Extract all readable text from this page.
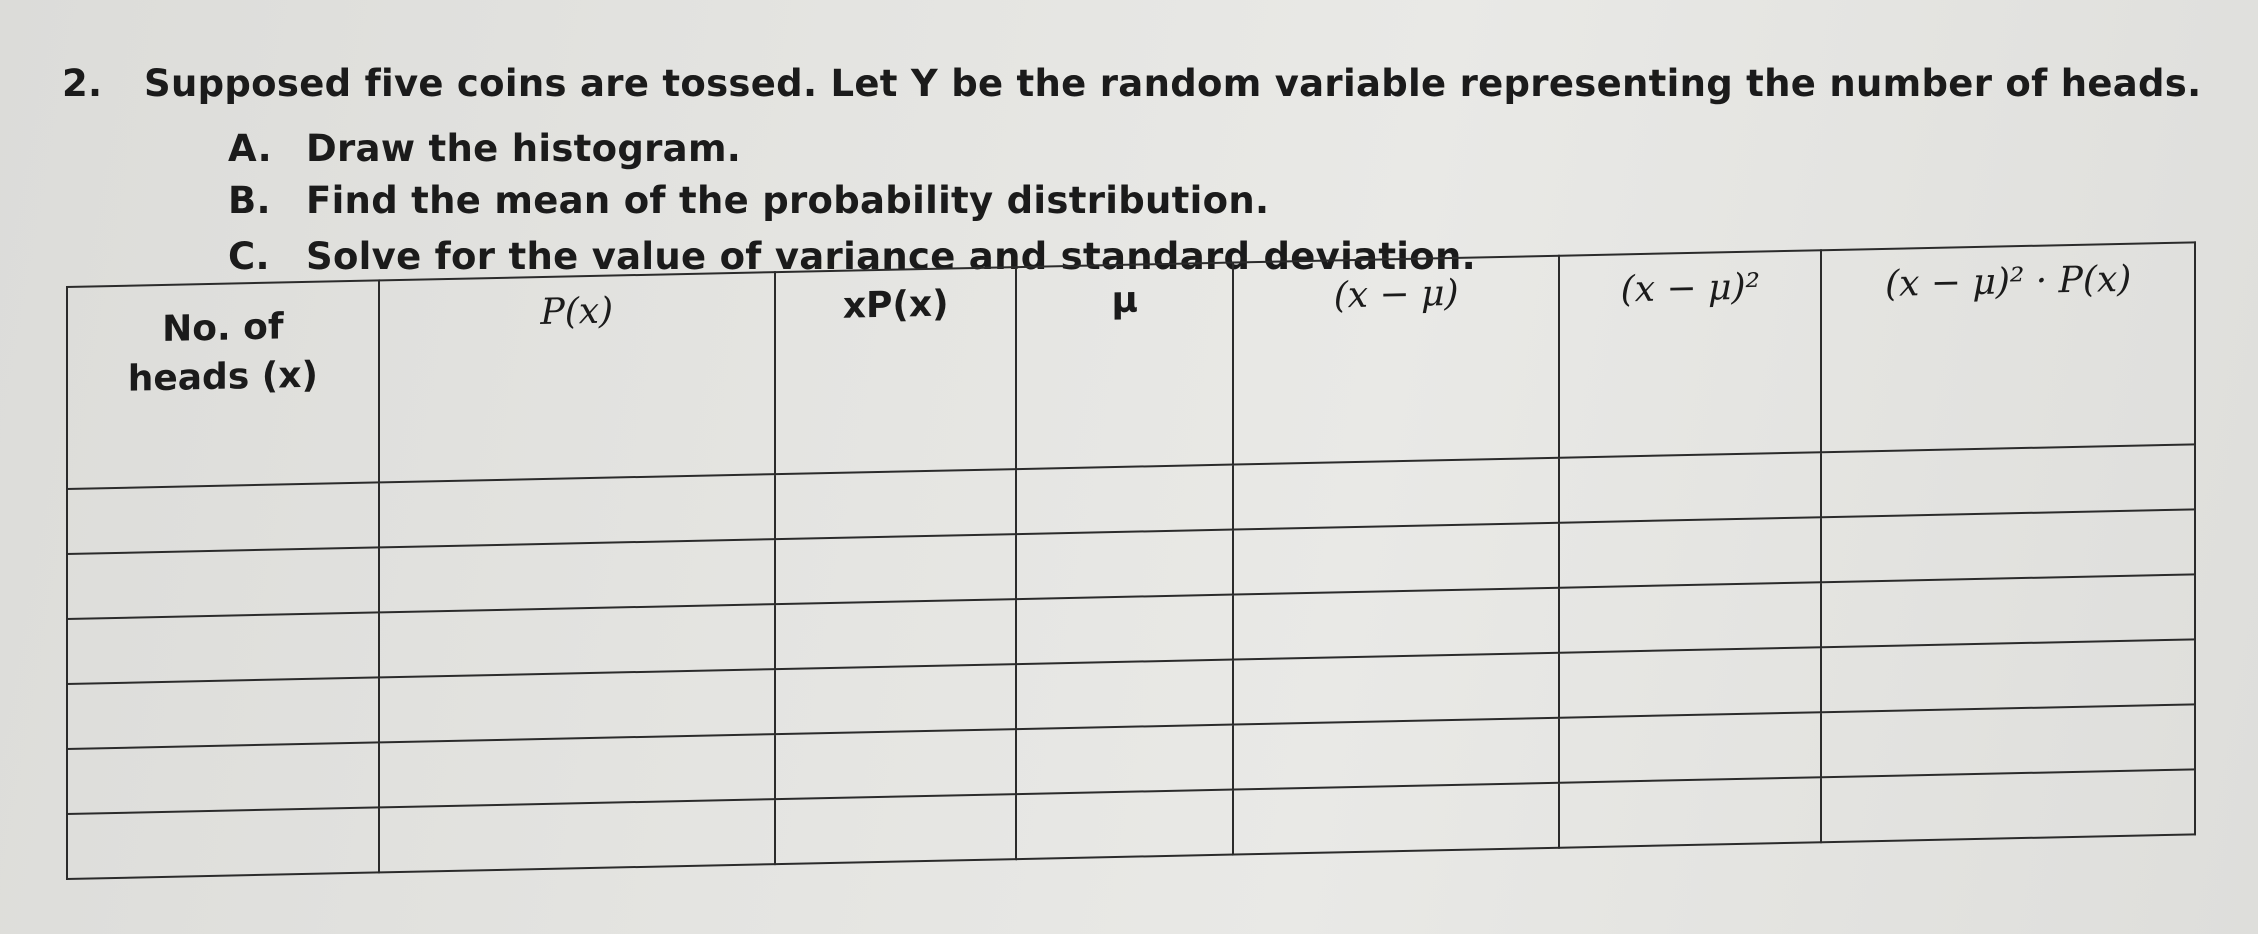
2. Supposed five coins are tossed. Let Y be the random variable representing the number of heads.
A. Draw the histogram.
B. Find the mean of the probability distribution.
C. Solve for the value of variance and standard deviation.
No. of
heads (x)	P(x)	xP(x)	μ	(x − μ)	(x − μ)²	(x − μ)² · P(x)
